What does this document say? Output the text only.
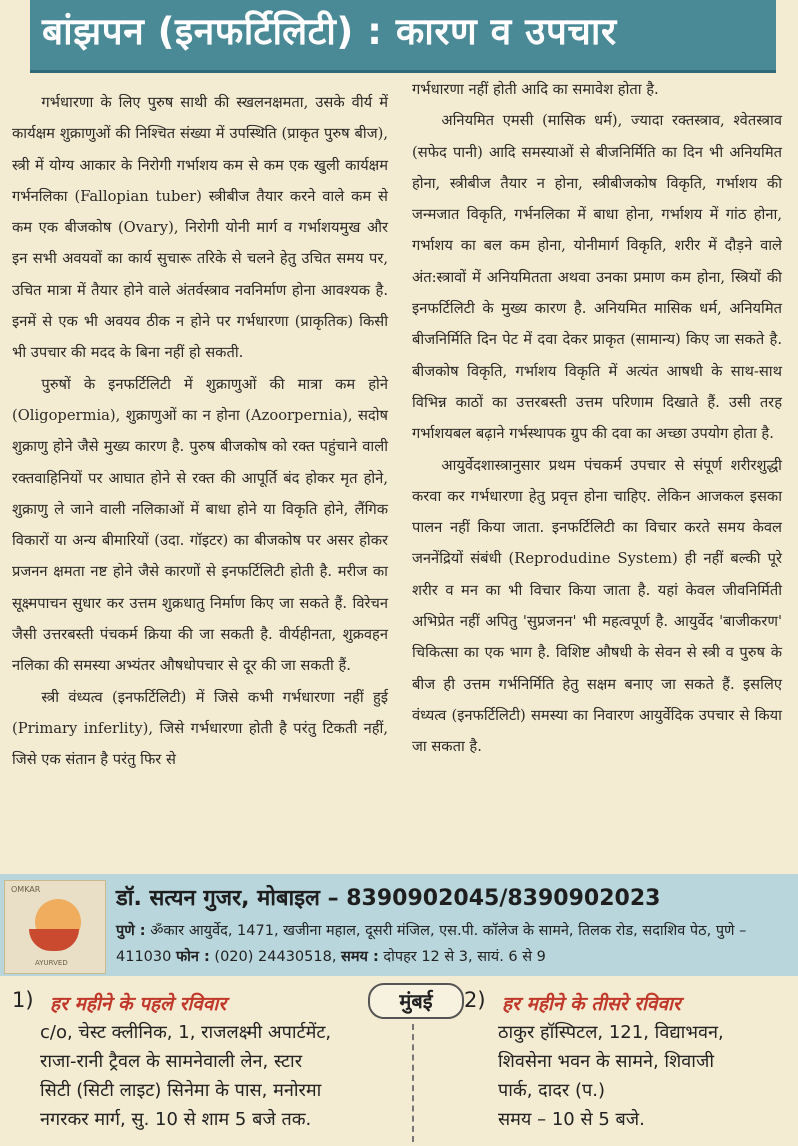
बांझपन (इनफर्टिलिटी) : कारण व उपचार

गर्भधारणा के लिए पुरुष साथी की स्खलनक्षमता, उसके वीर्य में कार्यक्षम शुक्राणुओं की निश्चित संख्या में उपस्थिति (प्राकृत पुरुष बीज), स्त्री में योग्य आकार के निरोगी गर्भाशय कम से कम एक खुली कार्यक्षम गर्भनलिका (Fallopian tuber) स्त्रीबीज तैयार करने वाले कम से कम एक बीजकोष (Ovary), निरोगी योनी मार्ग व गर्भाशयमुख और इन सभी अवयवों का कार्य सुचारू तरिके से चलने हेतु उचित समय पर, उचित मात्रा में तैयार होने वाले अंतर्वस्त्राव नवनिर्माण होना आवश्यक है. इनमें से एक भी अवयव ठीक न होने पर गर्भधारणा (प्राकृतिक) किसी भी उपचार की मदद के बिना नहीं हो सकती.

पुरुषों के इनफर्टिलिटी में शुक्राणुओं की मात्रा कम होने (Oligopermia), शुक्राणुओं का न होना (Azoorpernia), सदोष शुक्राणु होने जैसे मुख्य कारण है. पुरुष बीजकोष को रक्त पहुंचाने वाली रक्तवाहिनियों पर आघात होने से रक्त की आपूर्ति बंद होकर मृत होने, शुक्राणु ले जाने वाली नलिकाओं में बाधा होने या विकृति होने, लैंगिक विकारों या अन्य बीमारियों (उदा. गॉइटर) का बीजकोष पर असर होकर प्रजनन क्षमता नष्ट होने जैसे कारणों से इनफर्टिलिटी होती है. मरीज का सूक्ष्मपाचन सुधार कर उत्तम शुक्रधातु निर्माण किए जा सकते हैं. विरेचन जैसी उत्तरबस्ती पंचकर्म क्रिया की जा सकती है. वीर्यहीनता, शुक्रवहन नलिका की समस्या अभ्यंतर औषधोपचार से दूर की जा सकती हैं.

स्त्री वंध्यत्व (इनफर्टिलिटी) में जिसे कभी गर्भधारणा नहीं हुई (Primary inferlity), जिसे गर्भधारणा होती है परंतु टिकती नहीं, जिसे एक संतान है परंतु फिर से

गर्भधारणा नहीं होती आदि का समावेश होता है.

अनियमित एमसी (मासिक धर्म), ज्यादा रक्तस्त्राव, श्वेतस्त्राव (सफेद पानी) आदि समस्याओं से बीजनिर्मिति का दिन भी अनियमित होना, स्त्रीबीज तैयार न होना, स्त्रीबीजकोष विकृति, गर्भाशय की जन्मजात विकृति, गर्भनलिका में बाधा होना, गर्भाशय में गांठ होना, गर्भाशय का बल कम होना, योनीमार्ग विकृति, शरीर में दौड़ने वाले अंत:स्त्रावों में अनियमितता अथवा उनका प्रमाण कम होना, स्त्रियों की इनफर्टिलिटी के मुख्य कारण है. अनियमित मासिक धर्म, अनियमित बीजनिर्मिति दिन पेट में दवा देकर प्राकृत (सामान्य) किए जा सकते है. बीजकोष विकृति, गर्भाशय विकृति में अत्यंत आषधी के साथ-साथ विभिन्न काठों का उत्तरबस्ती उत्तम परिणाम दिखाते हैं. उसी तरह गर्भाशयबल बढ़ाने गर्भस्थापक ग्रुप की दवा का अच्छा उपयोग होता है.

आयुर्वेदशास्त्रानुसार प्रथम पंचकर्म उपचार से संपूर्ण शरीरशुद्धी करवा कर गर्भधारणा हेतु प्रवृत्त होना चाहिए. लेकिन आजकल इसका पालन नहीं किया जाता. इनफर्टिलिटी का विचार करते समय केवल जननेंद्रियों संबंधी (Reprodudine System) ही नहीं बल्की पूरे शरीर व मन का भी विचार किया जाता है. यहां केवल जीवनिर्मिती अभिप्रेत नहीं अपितु 'सुप्रजनन' भी महत्वपूर्ण है. आयुर्वेद 'बाजीकरण' चिकित्सा का एक भाग है. विशिष्ट औषधी के सेवन से स्त्री व पुरुष के बीज ही उत्तम गर्भनिर्मिति हेतु सक्षम बनाए जा सकते हैं. इसलिए वंध्यत्व (इनफर्टिलिटी) समस्या का निवारण आयुर्वेदिक उपचार से किया जा सकता है.

OMKAR
AYURVED
डॉ. सत्यन गुजर, मोबाइल – 8390902045/8390902023
पुणे : ॐकार आयुर्वेद, 1471, खजीना महाल, दूसरी मंजिल, एस.पी. कॉलेज के सामने, तिलक रोड, सदाशिव पेठ, पुणे – 411030 फोन : (020) 24430518, समय : दोपहर 12 से 3, सायं. 6 से 9
1) हर महीने के पहले रविवार	मुंबई	2) हर महीने के तीसरे रविवार
c/o, चेस्ट क्लीनिक, 1, राजलक्ष्मी अपार्टमेंट,
राजा-रानी ट्रैवल के सामनेवाली लेन, स्टार
सिटी (सिटी लाइट) सिनेमा के पास, मनोरमा
नगरकर मार्ग, सु. 10 से शाम 5 बजे तक.
ठाकुर हॉस्पिटल, 121, विद्याभवन,
शिवसेना भवन के सामने, शिवाजी
पार्क, दादर (प.)
समय – 10 से 5 बजे.
